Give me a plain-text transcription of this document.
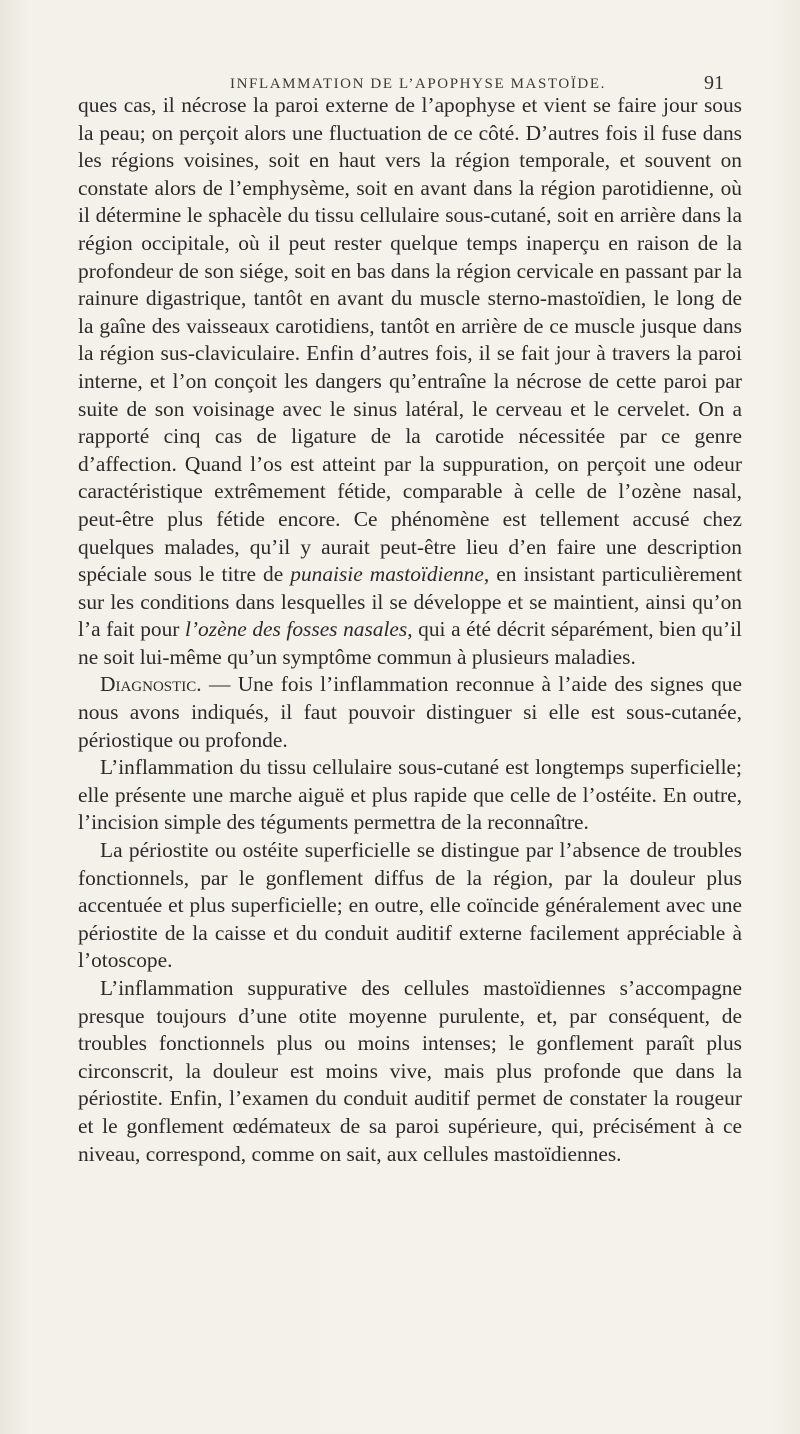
INFLAMMATION DE L’APOPHYSE MASTOÏDE.	91

ques cas, il nécrose la paroi externe de l’apophyse et vient se faire jour sous la peau; on perçoit alors une fluctuation de ce côté. D’autres fois il fuse dans les régions voisines, soit en haut vers la région temporale, et souvent on constate alors de l’emphysème, soit en avant dans la région parotidienne, où il détermine le sphacèle du tissu cellulaire sous-cutané, soit en arrière dans la région occipitale, où il peut rester quelque temps inaperçu en raison de la profondeur de son siége, soit en bas dans la région cervicale en passant par la rainure digastrique, tantôt en avant du muscle sterno-mastoïdien, le long de la gaîne des vaisseaux carotidiens, tantôt en arrière de ce muscle jusque dans la région sus-claviculaire. Enfin d’autres fois, il se fait jour à travers la paroi interne, et l’on conçoit les dangers qu’entraîne la nécrose de cette paroi par suite de son voisinage avec le sinus latéral, le cerveau et le cervelet. On a rapporté cinq cas de ligature de la carotide nécessitée par ce genre d’affection. Quand l’os est atteint par la suppuration, on perçoit une odeur caractéristique extrêmement fétide, comparable à celle de l’ozène nasal, peut-être plus fétide encore. Ce phénomène est tellement accusé chez quelques malades, qu’il y aurait peut-être lieu d’en faire une description spéciale sous le titre de punaisie mastoïdienne, en insistant particulièrement sur les conditions dans lesquelles il se développe et se maintient, ainsi qu’on l’a fait pour l’ozène des fosses nasales, qui a été décrit séparément, bien qu’il ne soit lui-même qu’un symptôme commun à plusieurs maladies.

Diagnostic. — Une fois l’inflammation reconnue à l’aide des signes que nous avons indiqués, il faut pouvoir distinguer si elle est sous-cutanée, périostique ou profonde.

L’inflammation du tissu cellulaire sous-cutané est longtemps superficielle; elle présente une marche aiguë et plus rapide que celle de l’ostéite. En outre, l’incision simple des téguments permettra de la reconnaître.

La périostite ou ostéite superficielle se distingue par l’absence de troubles fonctionnels, par le gonflement diffus de la région, par la douleur plus accentuée et plus superficielle; en outre, elle coïncide généralement avec une périostite de la caisse et du conduit auditif externe facilement appréciable à l’otoscope.

L’inflammation suppurative des cellules mastoïdiennes s’accompagne presque toujours d’une otite moyenne purulente, et, par conséquent, de troubles fonctionnels plus ou moins intenses; le gonflement paraît plus circonscrit, la douleur est moins vive, mais plus profonde que dans la périostite. Enfin, l’examen du conduit auditif permet de constater la rougeur et le gonflement œdémateux de sa paroi supérieure, qui, précisément à ce niveau, correspond, comme on sait, aux cellules mastoïdiennes.
